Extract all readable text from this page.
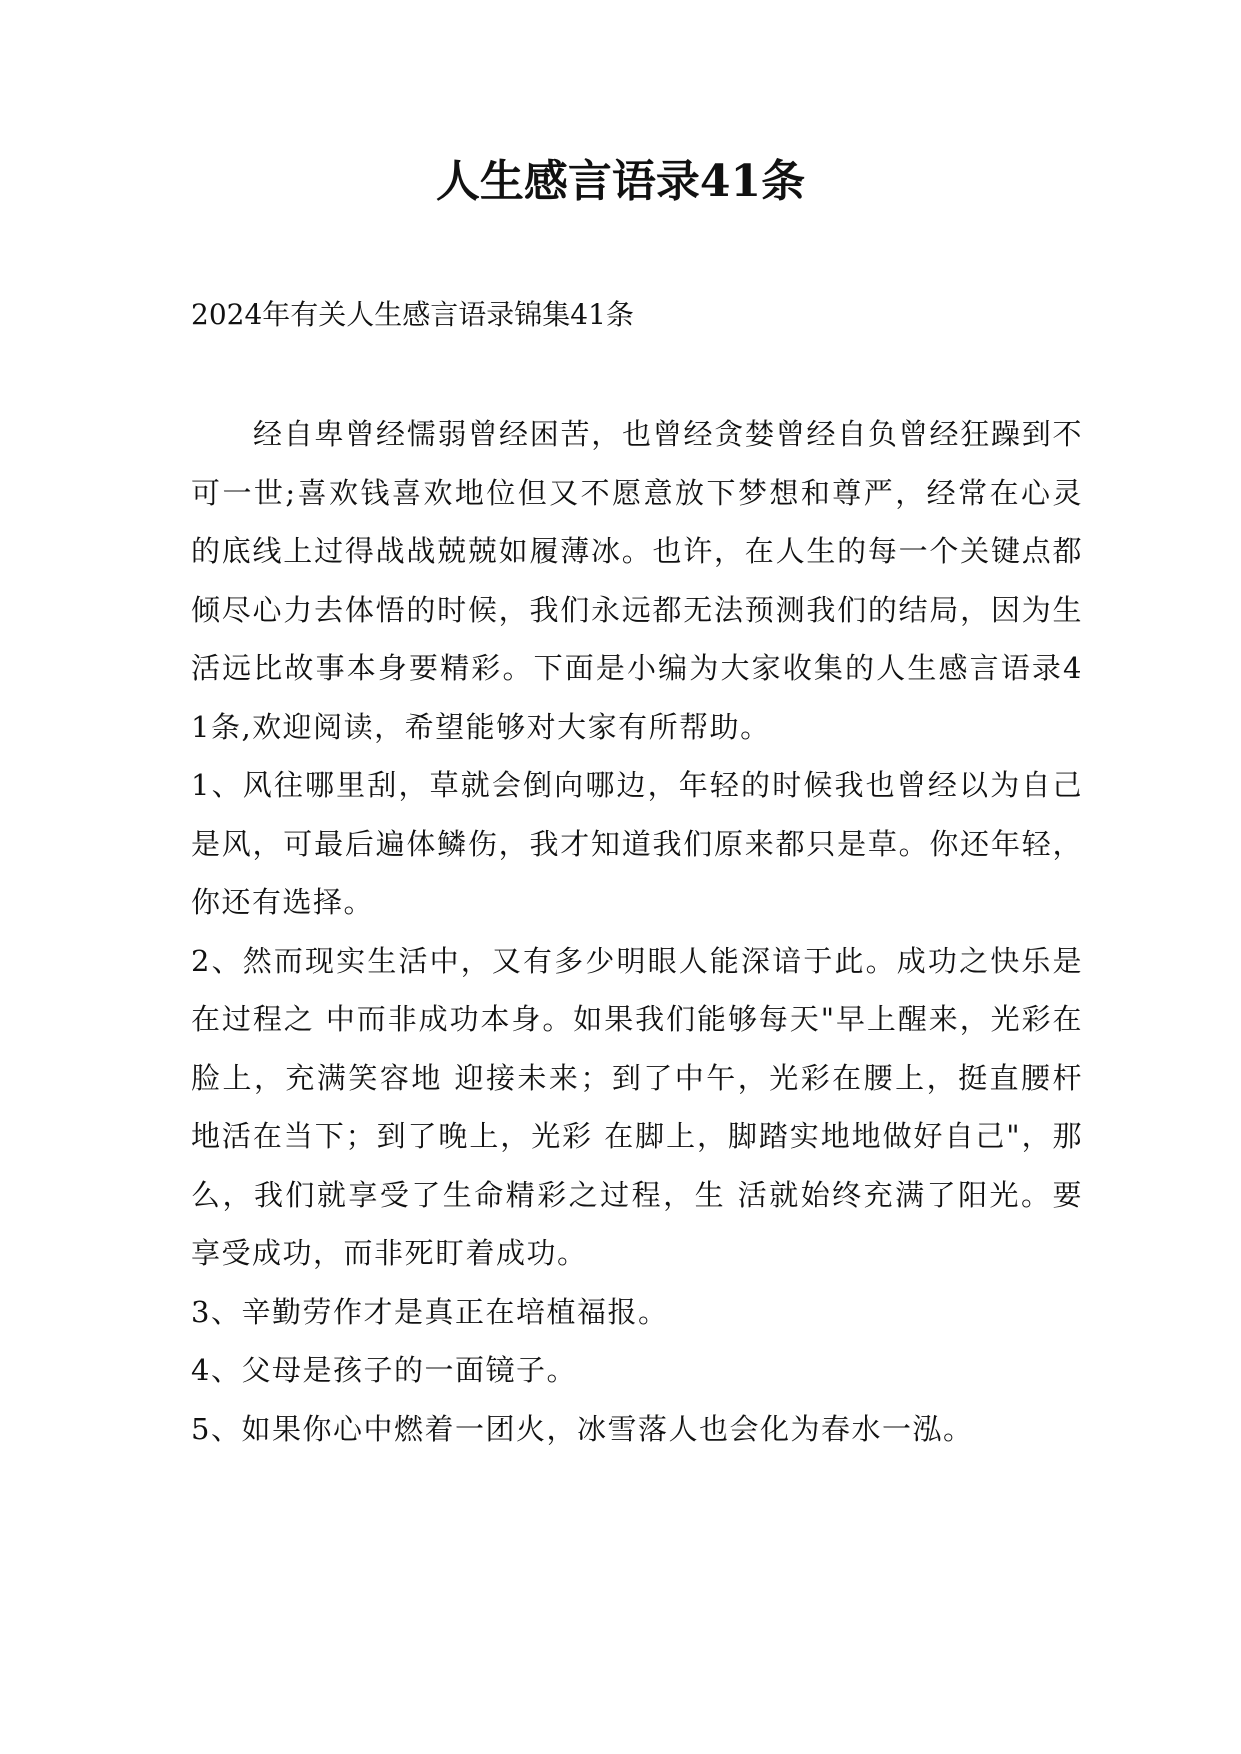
人生感言语录41条

2024年有关人生感言语录锦集41条

经自卑曾经懦弱曾经困苦，也曾经贪婪曾经自负曾经狂躁到不可一世;喜欢钱喜欢地位但又不愿意放下梦想和尊严，经常在心灵的底线上过得战战兢兢如履薄冰。也许，在人生的每一个关键点都倾尽心力去体悟的时候，我们永远都无法预测我们的结局，因为生活远比故事本身要精彩。下面是小编为大家收集的人生感言语录41条,欢迎阅读，希望能够对大家有所帮助。

1、风往哪里刮，草就会倒向哪边，年轻的时候我也曾经以为自己是风，可最后遍体鳞伤，我才知道我们原来都只是草。你还年轻，你还有选择。

2、然而现实生活中，又有多少明眼人能深谙于此。成功之快乐是在过程之 中而非成功本身。如果我们能够每天"早上醒来，光彩在脸上，充满笑容地 迎接未来；到了中午，光彩在腰上，挺直腰杆地活在当下；到了晚上，光彩 在脚上，脚踏实地地做好自己"，那么，我们就享受了生命精彩之过程，生 活就始终充满了阳光。要享受成功，而非死盯着成功。

3、辛勤劳作才是真正在培植福报。

4、父母是孩子的一面镜子。

5、如果你心中燃着一团火，冰雪落人也会化为春水一泓。
